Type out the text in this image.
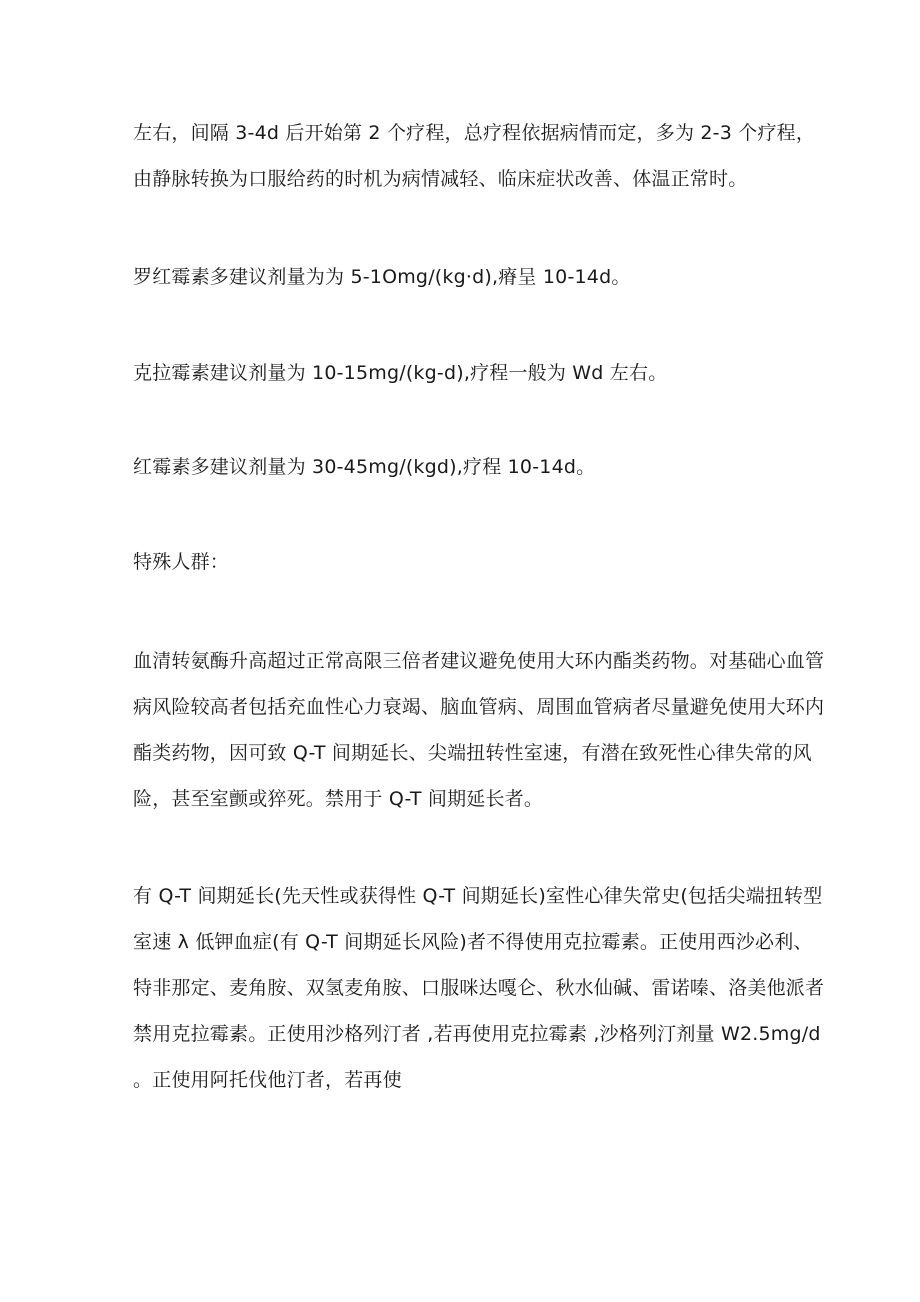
左右，间隔 3-4d 后开始第 2 个疗程，总疗程依据病情而定，多为 2-3 个疗程，
由静脉转换为口服给药的时机为病情减轻、临床症状改善、体温正常时。

罗红霉素多建议剂量为为 5-1Omg/(kg·d),瘠呈 10-14d。

克拉霉素建议剂量为 10-15mg∕(kg-d),疗程一般为 Wd 左右。

红霉素多建议剂量为 30-45mg∕(kgd),疗程 10-14d。

特殊人群：

血清转氨酶升高超过正常高限三倍者建议避免使用大环内酯类药物。对基础心血管
病风险较高者包括充血性心力衰竭、脑血管病、周围血管病者尽量避免使用大环内
酯类药物，因可致 Q-T 间期延长、尖端扭转性室速，有潜在致死性心律失常的风
险，甚至室颤或猝死。禁用于 Q-T 间期延长者。

有 Q-T 间期延长(先天性或获得性 Q-T 间期延长)室性心律失常史(包括尖端扭转型
室速 λ 低钾血症(有 Q-T 间期延长风险)者不得使用克拉霉素。正使用西沙必利、
特非那定、麦角胺、双氢麦角胺、口服咪达嘎仑、秋水仙碱、雷诺嗪、洛美他派者
禁用克拉霉素。正使用沙格列汀者 ,若再使用克拉霉素 ,沙格列汀剂量 W2.5mg/d
。正使用阿托伐他汀者，若再使
